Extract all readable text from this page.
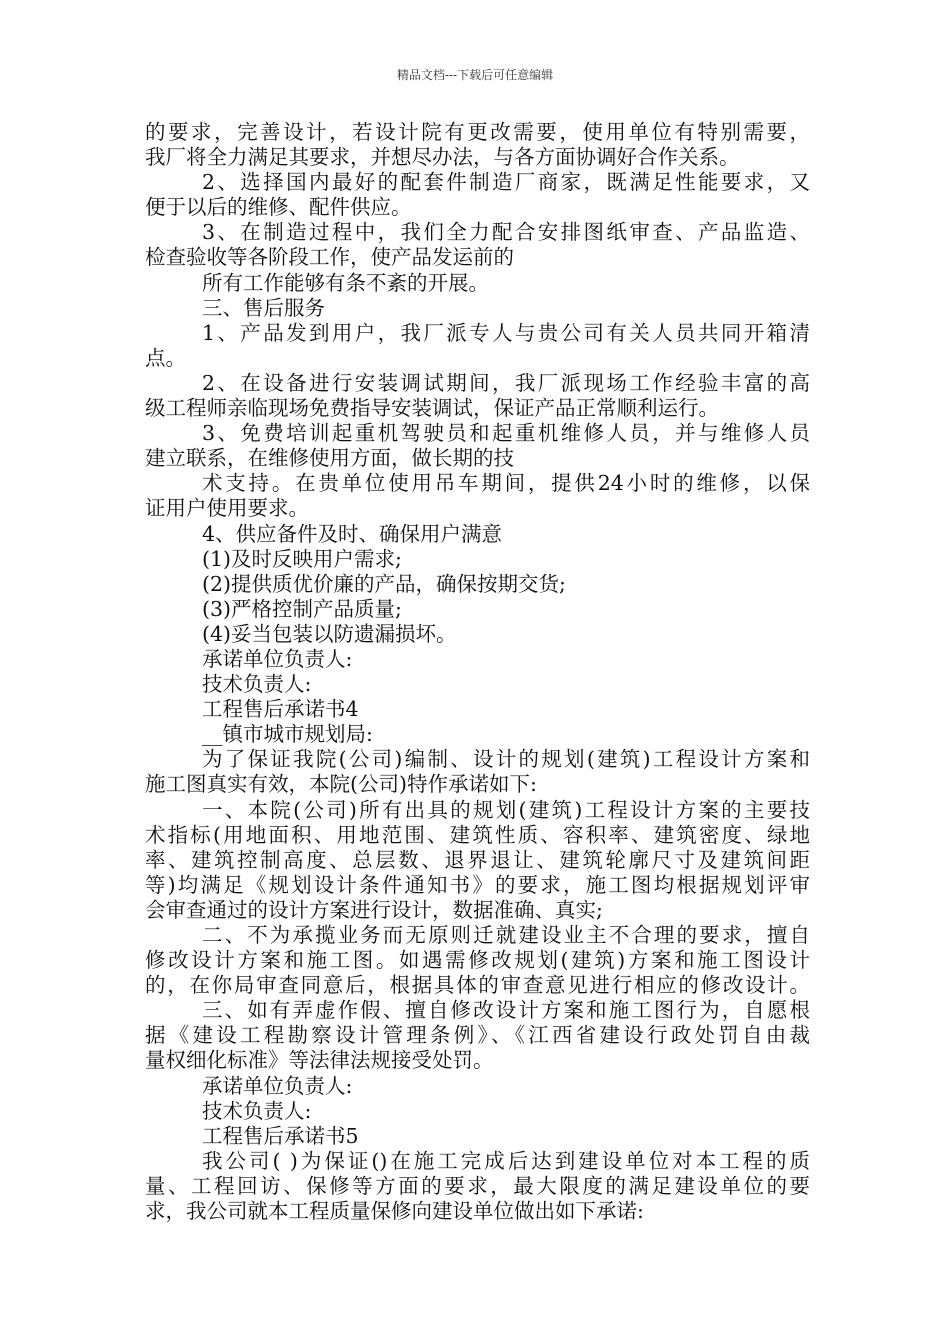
精品文档---下载后可任意编辑
的要求，完善设计，若设计院有更改需要，使用单位有特别需要，
我厂将全力满足其要求，并想尽办法，与各方面协调好合作关系。
2、选择国内最好的配套件制造厂商家，既满足性能要求，又
便于以后的维修、配件供应。
3、在制造过程中，我们全力配合安排图纸审查、产品监造、
检查验收等各阶段工作，使产品发运前的
所有工作能够有条不紊的开展。
三、售后服务
1、产品发到用户，我厂派专人与贵公司有关人员共同开箱清
点。
2、在设备进行安装调试期间，我厂派现场工作经验丰富的高
级工程师亲临现场免费指导安装调试，保证产品正常顺利运行。
3、免费培训起重机驾驶员和起重机维修人员，并与维修人员
建立联系，在维修使用方面，做长期的技
术支持。在贵单位使用吊车期间，提供24小时的维修，以保
证用户使用要求。
4、供应备件及时、确保用户满意
(1)及时反映用户需求;
(2)提供质优价廉的产品，确保按期交货;
(3)严格控制产品质量;
(4)妥当包装以防遗漏损坏。
承诺单位负责人:
技术负责人:
工程售后承诺书4
__镇市城市规划局:
为了保证我院(公司)编制、设计的规划(建筑)工程设计方案和
施工图真实有效，本院(公司)特作承诺如下:
一、本院(公司)所有出具的规划(建筑)工程设计方案的主要技
术指标(用地面积、用地范围、建筑性质、容积率、建筑密度、绿地
率、建筑控制高度、总层数、退界退让、建筑轮廓尺寸及建筑间距
等)均满足《规划设计条件通知书》的要求，施工图均根据规划评审
会审查通过的设计方案进行设计，数据准确、真实;
二、不为承揽业务而无原则迁就建设业主不合理的要求，擅自
修改设计方案和施工图。如遇需修改规划(建筑)方案和施工图设计
的，在你局审查同意后，根据具体的审查意见进行相应的修改设计。
三、如有弄虚作假、擅自修改设计方案和施工图行为，自愿根
据《建设工程勘察设计管理条例》、《江西省建设行政处罚自由裁
量权细化标准》等法律法规接受处罚。
承诺单位负责人:
技术负责人:
工程售后承诺书5
我公司( )为保证()在施工完成后达到建设单位对本工程的质
量、工程回访、保修等方面的要求，最大限度的满足建设单位的要
求，我公司就本工程质量保修向建设单位做出如下承诺:
